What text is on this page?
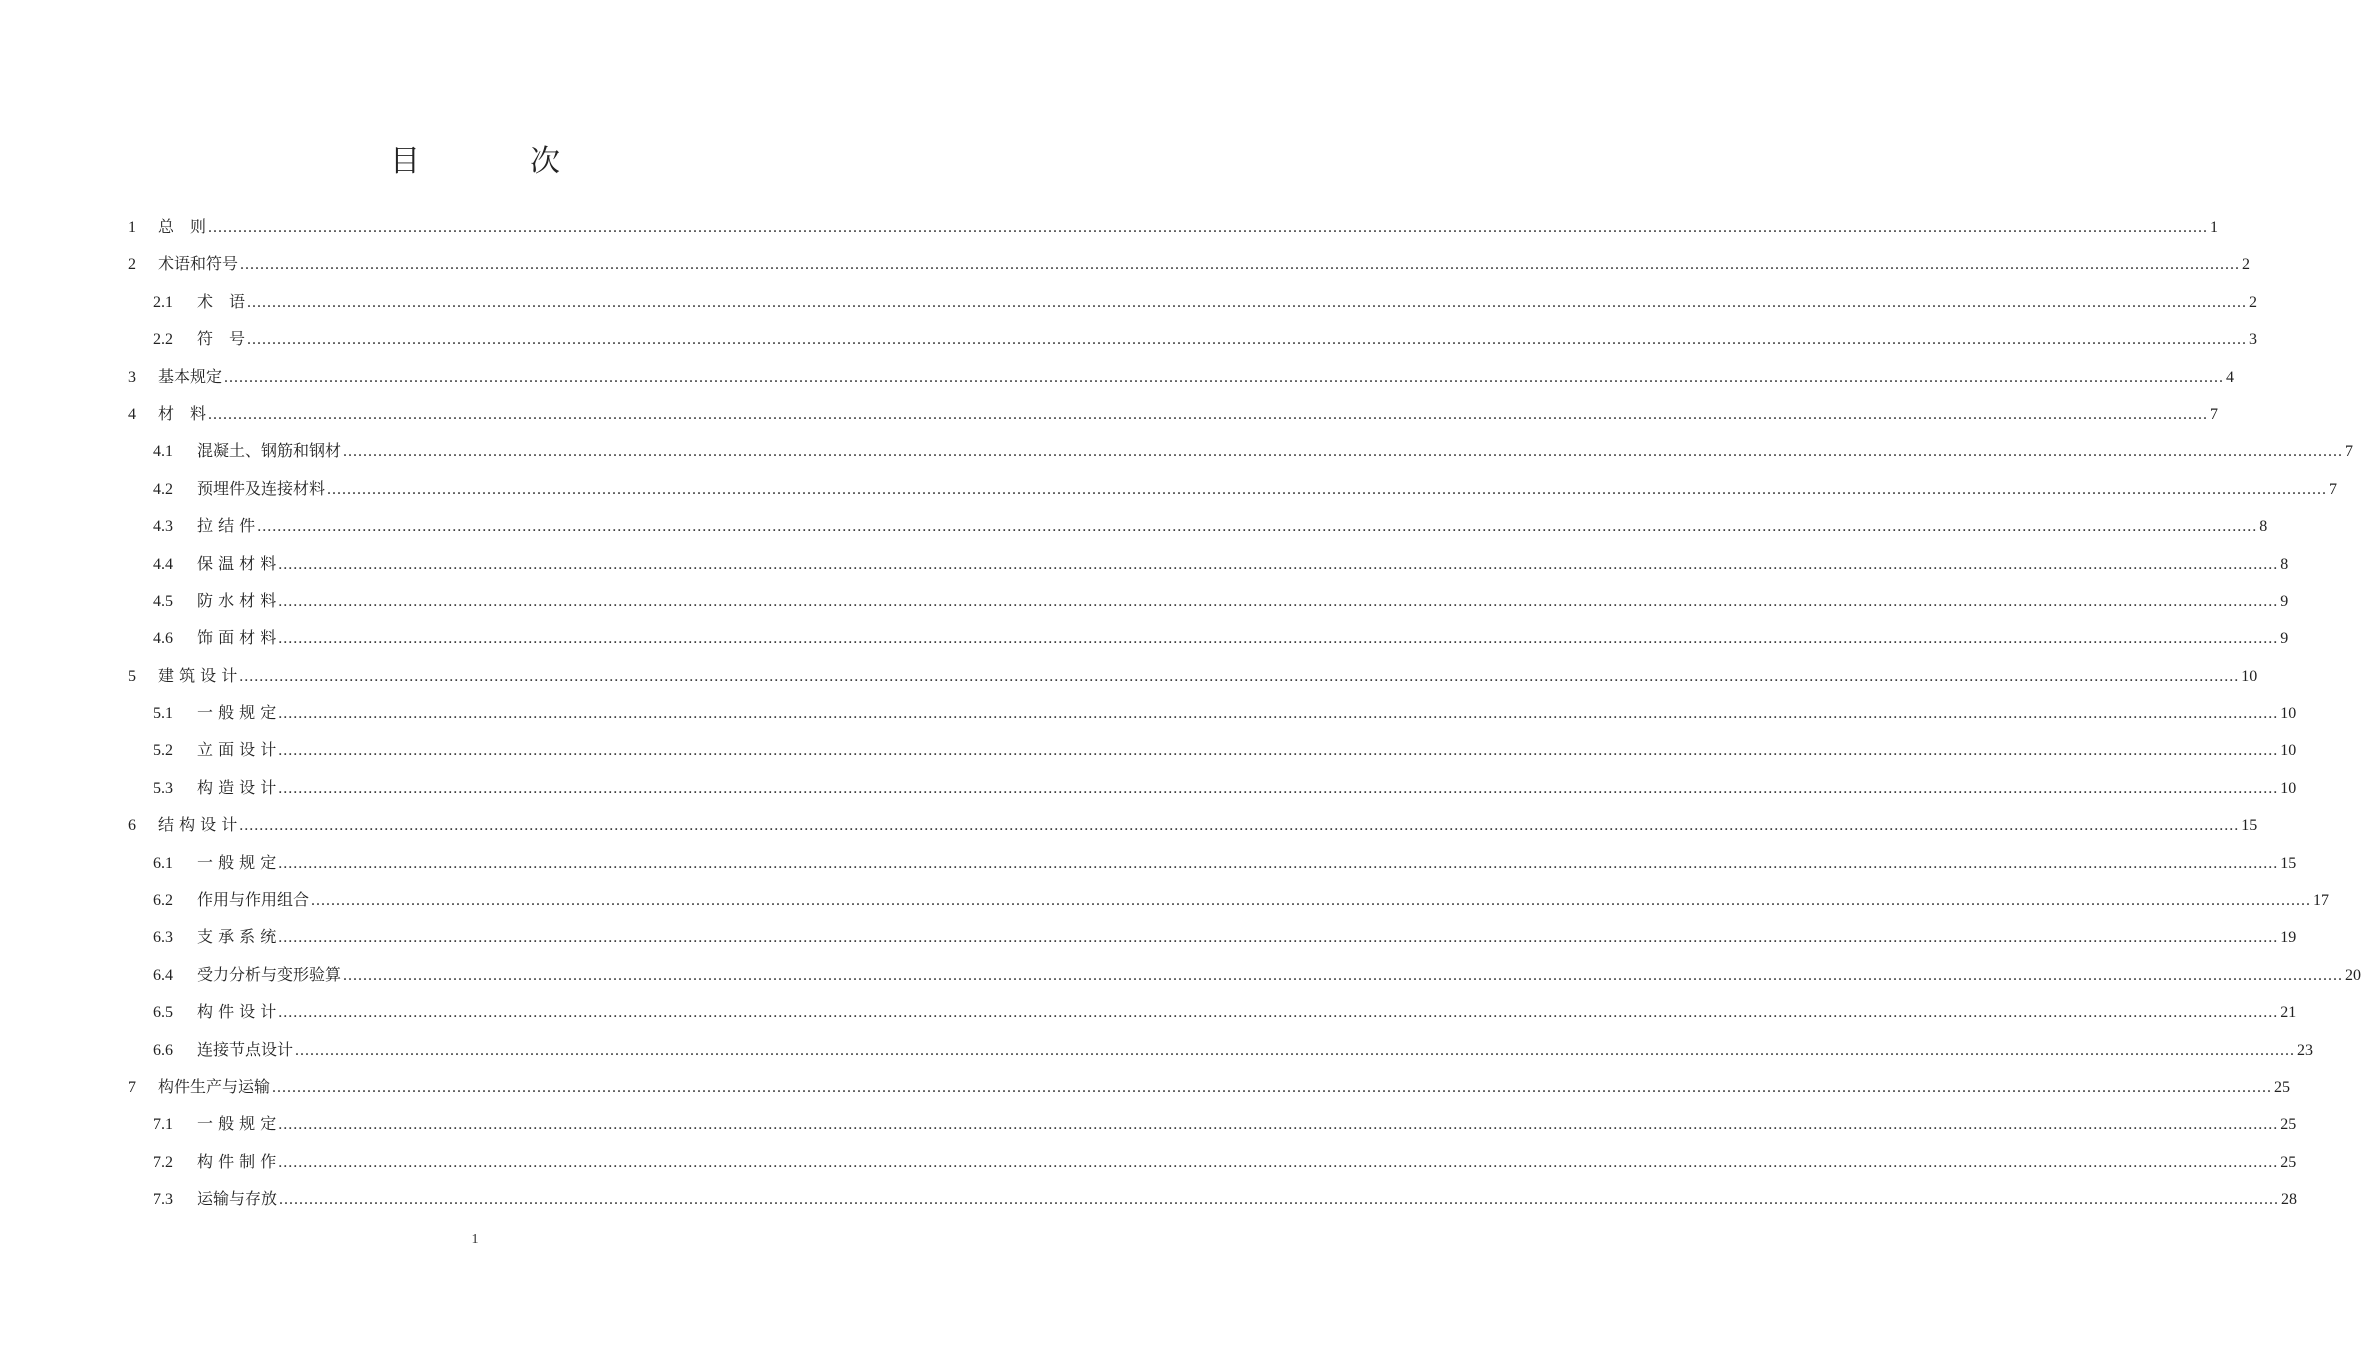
目　次
1	总　则 ................................................................................................................................................................................................................................................................................................................................................................................................................ 1
2	术语和符号 ................................................................................................................................................................................................................................................................................................................................................................................................................ 2
2.1	术　语 ................................................................................................................................................................................................................................................................................................................................................................................................................ 2
2.2	符　号 ................................................................................................................................................................................................................................................................................................................................................................................................................ 3
3	基本规定 ................................................................................................................................................................................................................................................................................................................................................................................................................ 4
4	材　料 ................................................................................................................................................................................................................................................................................................................................................................................................................ 7
4.1	混凝土、钢筋和钢材 ................................................................................................................................................................................................................................................................................................................................................................................................................ 7
4.2	预埋件及连接材料 ................................................................................................................................................................................................................................................................................................................................................................................................................ 7
4.3	拉 结 件 ................................................................................................................................................................................................................................................................................................................................................................................................................ 8
4.4	保 温 材 料 ................................................................................................................................................................................................................................................................................................................................................................................................................ 8
4.5	防 水 材 料 ................................................................................................................................................................................................................................................................................................................................................................................................................ 9
4.6	饰 面 材 料 ................................................................................................................................................................................................................................................................................................................................................................................................................ 9
5	建 筑 设 计 ................................................................................................................................................................................................................................................................................................................................................................................................................ 10
5.1	一 般 规 定 ................................................................................................................................................................................................................................................................................................................................................................................................................ 10
5.2	立 面 设 计 ................................................................................................................................................................................................................................................................................................................................................................................................................ 10
5.3	构 造 设 计 ................................................................................................................................................................................................................................................................................................................................................................................................................ 10
6	结 构 设 计 ................................................................................................................................................................................................................................................................................................................................................................................................................ 15
6.1	一 般 规 定 ................................................................................................................................................................................................................................................................................................................................................................................................................ 15
6.2	作用与作用组合 ................................................................................................................................................................................................................................................................................................................................................................................................................ 17
6.3	支 承 系 统 ................................................................................................................................................................................................................................................................................................................................................................................................................ 19
6.4	受力分析与变形验算 ................................................................................................................................................................................................................................................................................................................................................................................................................ 20
6.5	构 件 设 计 ................................................................................................................................................................................................................................................................................................................................................................................................................ 21
6.6	连接节点设计 ................................................................................................................................................................................................................................................................................................................................................................................................................ 23
7	构件生产与运输 ................................................................................................................................................................................................................................................................................................................................................................................................................ 25
7.1	一 般 规 定 ................................................................................................................................................................................................................................................................................................................................................................................................................ 25
7.2	构 件 制 作 ................................................................................................................................................................................................................................................................................................................................................................................................................ 25
7.3	运输与存放 ................................................................................................................................................................................................................................................................................................................................................................................................................ 28
1
